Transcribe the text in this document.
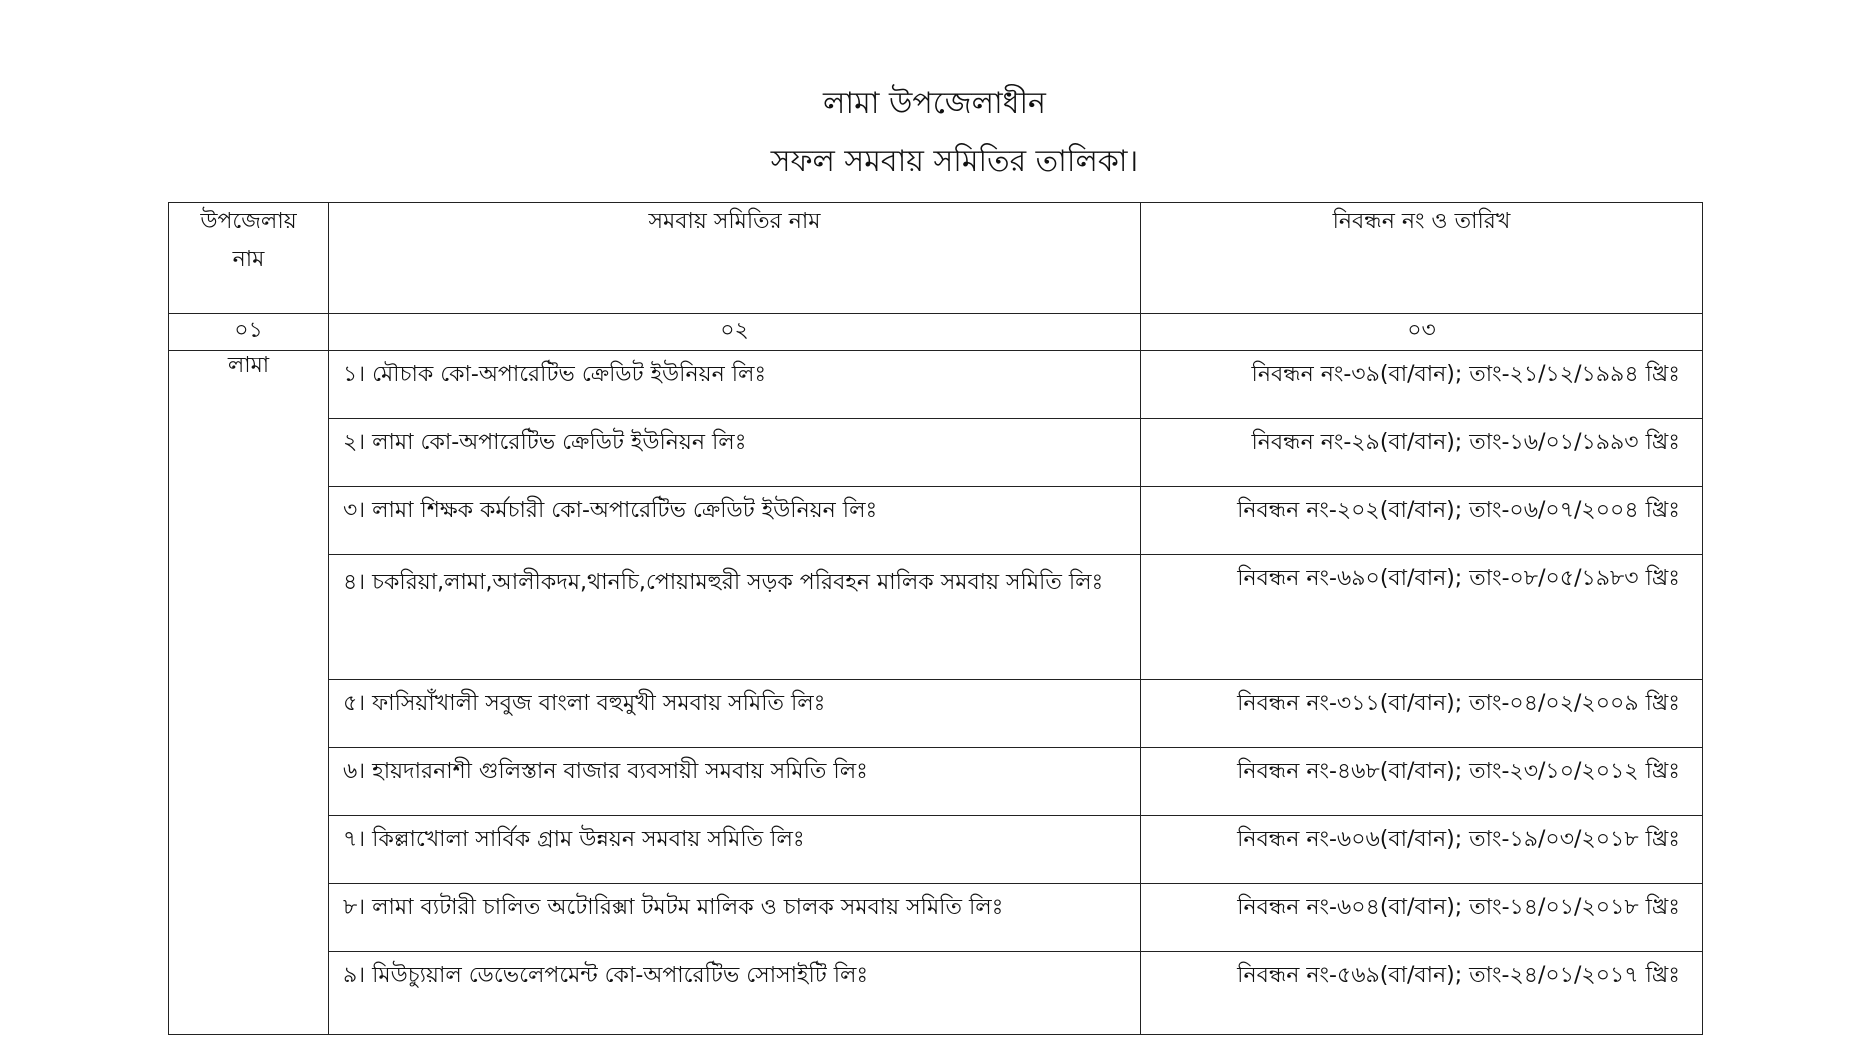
লামা উপজেলাধীন
সফল সমবায় সমিতির তালিকা।
উপজেলায় নাম	সমবায় সমিতির নাম	নিবন্ধন নং ও তারিখ
০১	০২	০৩
লামা	১। মৌচাক কো-অপারেটিভ ক্রেডিট ইউনিয়ন লিঃ	নিবন্ধন নং-৩৯(বা/বান); তাং-২১/১২/১৯৯৪ খ্রিঃ
	২। লামা কো-অপারেটিভ ক্রেডিট ইউনিয়ন লিঃ	নিবন্ধন নং-২৯(বা/বান); তাং-১৬/০১/১৯৯৩ খ্রিঃ
	৩। লামা শিক্ষক কর্মচারী কো-অপারেটিভ ক্রেডিট ইউনিয়ন লিঃ	নিবন্ধন নং-২০২(বা/বান); তাং-০৬/০৭/২০০৪ খ্রিঃ
	৪। চকরিয়া,লামা,আলীকদম,থানচি,পোয়ামহুরী সড়ক পরিবহন মালিক সমবায় সমিতি লিঃ	নিবন্ধন নং-৬৯০(বা/বান); তাং-০৮/০৫/১৯৮৩ খ্রিঃ
	৫। ফাসিয়াঁখালী সবুজ বাংলা বহুমুখী সমবায় সমিতি লিঃ	নিবন্ধন নং-৩১১(বা/বান); তাং-০৪/০২/২০০৯ খ্রিঃ
	৬। হায়দারনাশী গুলিস্তান বাজার ব্যবসায়ী সমবায় সমিতি লিঃ	নিবন্ধন নং-৪৬৮(বা/বান); তাং-২৩/১০/২০১২ খ্রিঃ
	৭। কিল্লাখোলা সার্বিক গ্রাম উন্নয়ন সমবায় সমিতি লিঃ	নিবন্ধন নং-৬০৬(বা/বান); তাং-১৯/০৩/২০১৮ খ্রিঃ
	৮। লামা ব্যটারী চালিত অটোরিক্সা টমটম মালিক ও চালক সমবায় সমিতি লিঃ	নিবন্ধন নং-৬০৪(বা/বান); তাং-১৪/০১/২০১৮ খ্রিঃ
	৯। মিউচ্যুয়াল ডেভেলেপমেন্ট কো-অপারেটিভ সোসাইটি লিঃ	নিবন্ধন নং-৫৬৯(বা/বান); তাং-২৪/০১/২০১৭ খ্রিঃ
